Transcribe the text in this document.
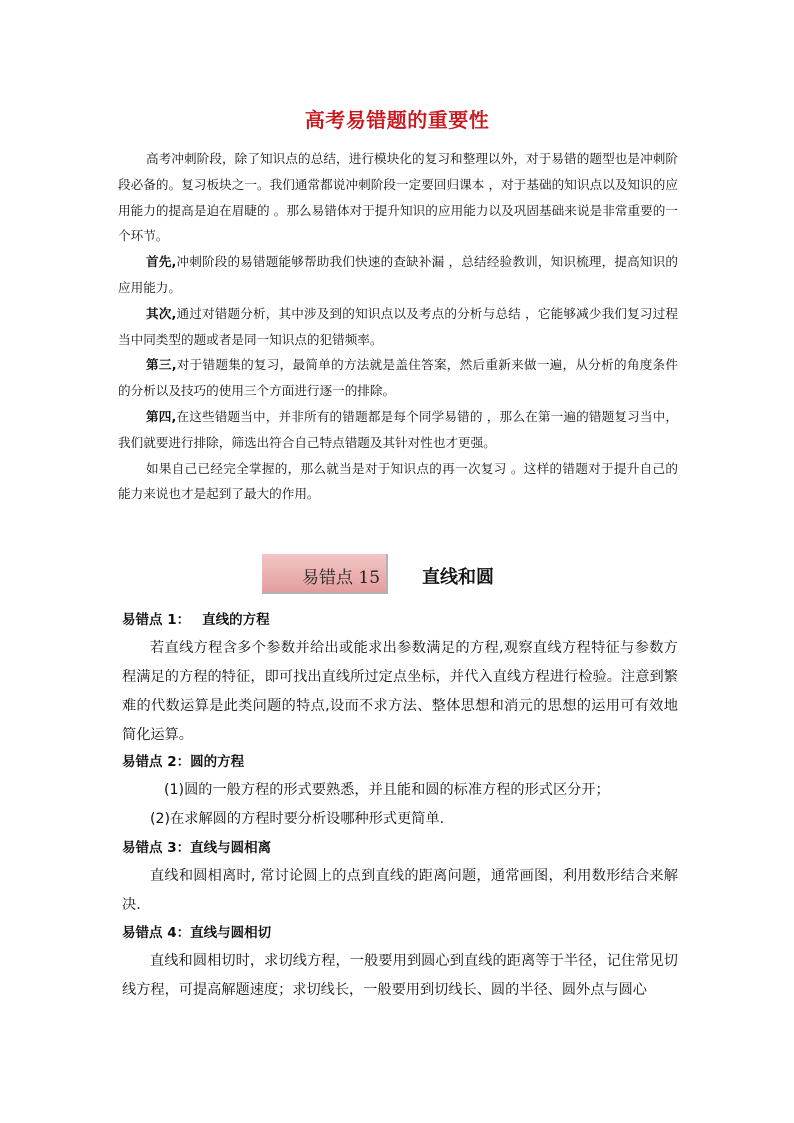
高考易错题的重要性

高考冲刺阶段，除了知识点的总结，进行模块化的复习和整理以外，对于易错的题型也是冲刺阶段必备的。复习板块之一。我们通常都说冲刺阶段一定要回归课本 ，对于基础的知识点以及知识的应用能力的提高是迫在眉睫的 。那么易错体对于提升知识的应用能力以及巩固基础来说是非常重要的一个环节。

首先,冲刺阶段的易错题能够帮助我们快速的查缺补漏 ，总结经验教训，知识梳理，提高知识的应用能力。

其次,通过对错题分析，其中涉及到的知识点以及考点的分析与总结 ，它能够减少我们复习过程当中同类型的题或者是同一知识点的犯错频率。

第三,对于错题集的复习，最简单的方法就是盖住答案，然后重新来做一遍，从分析的角度条件的分析以及技巧的使用三个方面进行逐一的排除。

第四,在这些错题当中，并非所有的错题都是每个同学易错的 ，那么在第一遍的错题复习当中，我们就要进行排除，筛选出符合自己特点错题及其针对性也才更强。

如果自己已经完全掌握的，那么就当是对于知识点的再一次复习 。这样的错题对于提升自己的能力来说也才是起到了最大的作用。

易错点 15 直线和圆

易错点 1： 直线的方程

若直线方程含多个参数并给出或能求出参数满足的方程,观察直线方程特征与参数方程满足的方程的特征，即可找出直线所过定点坐标，并代入直线方程进行检验。注意到繁难的代数运算是此类问题的特点,设而不求方法、整体思想和消元的思想的运用可有效地简化运算。

易错点 2：圆的方程

(1)圆的一般方程的形式要熟悉，并且能和圆的标准方程的形式区分开；

(2)在求解圆的方程时要分析设哪种形式更简单.

易错点 3：直线与圆相离

直线和圆相离时, 常讨论圆上的点到直线的距离问题，通常画图，利用数形结合来解决.

易错点 4：直线与圆相切

直线和圆相切时，求切线方程，一般要用到圆心到直线的距离等于半径，记住常见切线方程，可提高解题速度；求切线长，一般要用到切线长、圆的半径、圆外点与圆心
